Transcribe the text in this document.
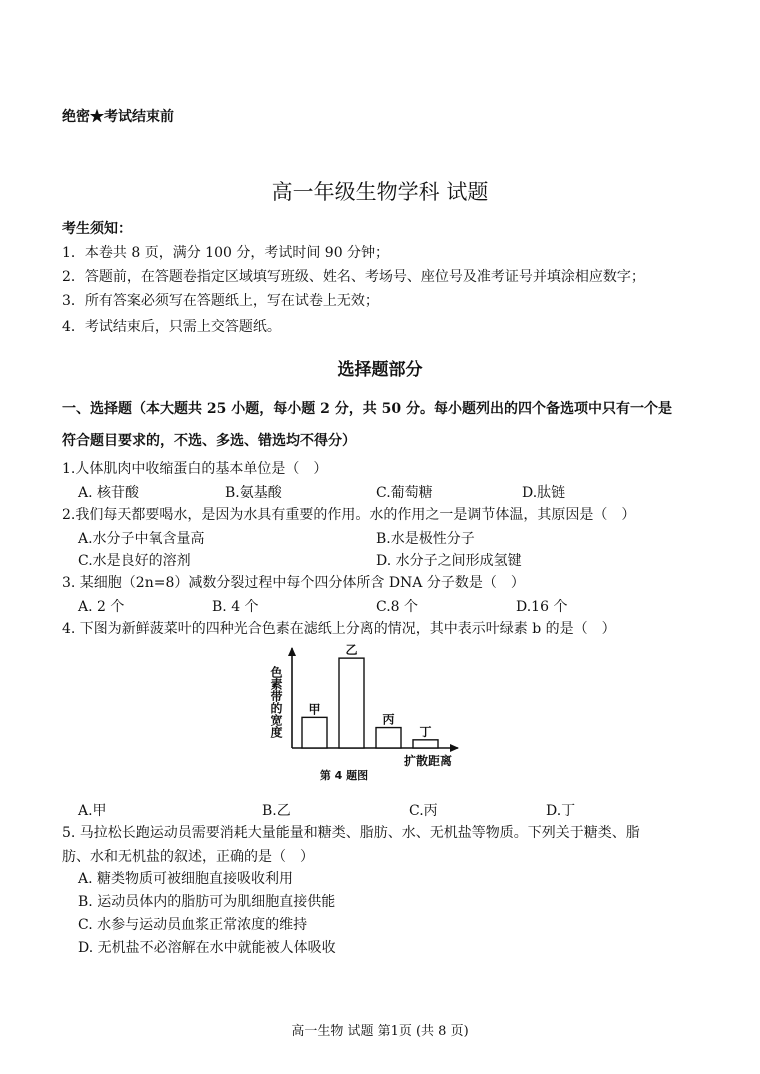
绝密★考试结束前
高一年级生物学科 试题
考生须知：
1．本卷共 8 页，满分 100 分，考试时间 90 分钟；
2．答题前，在答题卷指定区域填写班级、姓名、考场号、座位号及准考证号并填涂相应数字；
3．所有答案必须写在答题纸上，写在试卷上无效；
4．考试结束后，只需上交答题纸。
选择题部分
一、选择题（本大题共 25 小题，每小题 2 分，共 50 分。每小题列出的四个备选项中只有一个是
符合题目要求的，不选、多选、错选均不得分）
1.人体肌肉中收缩蛋白的基本单位是（　）
A. 核苷酸	B.氨基酸	C.葡萄糖	D.肽链
2.我们每天都要喝水，是因为水具有重要的作用。水的作用之一是调节体温，其原因是（　）
A.水分子中氧含量高	B.水是极性分子
C.水是良好的溶剂	D. 水分子之间形成氢键
3. 某细胞（2n=8）减数分裂过程中每个四分体所含 DNA 分子数是（　）
A. 2 个	B. 4 个	C.8 个	D.16 个
4. 下图为新鲜菠菜叶的四种光合色素在滤纸上分离的情况，其中表示叶绿素 b 的是（　）
色素带的宽度 甲
乙
丙
丁
扩散距离
第 4 题图
A.甲	B.乙	C.丙	D.丁
5. 马拉松长跑运动员需要消耗大量能量和糖类、脂肪、水、无机盐等物质。下列关于糖类、脂
肪、水和无机盐的叙述，正确的是（　）
A. 糖类物质可被细胞直接吸收利用
B. 运动员体内的脂肪可为肌细胞直接供能
C. 水参与运动员血浆正常浓度的维持
D. 无机盐不必溶解在水中就能被人体吸收
高一生物 试题 第1页 (共 8 页)
